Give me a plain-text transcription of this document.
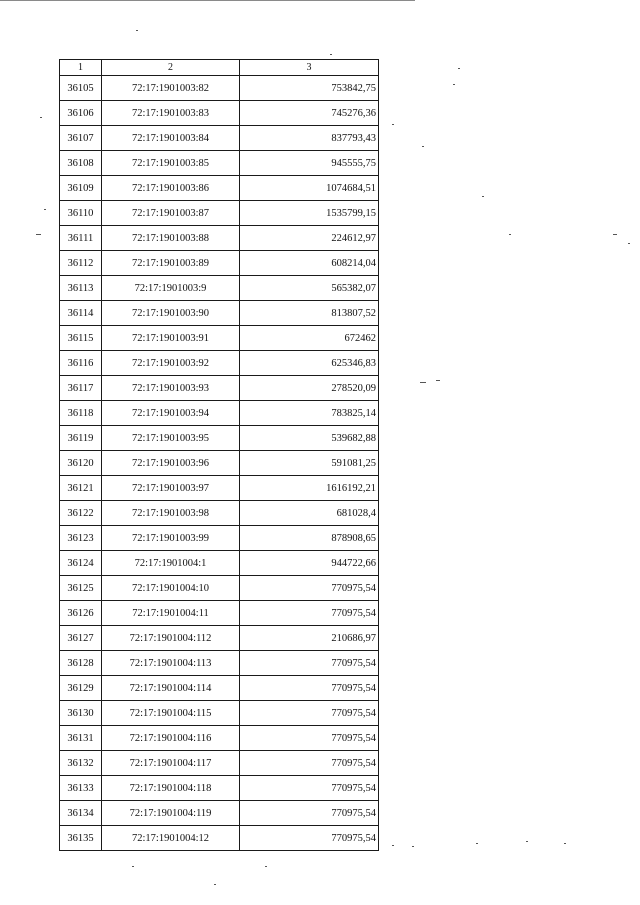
1	2	3
36105	72:17:1901003:82	753842,75
36106	72:17:1901003:83	745276,36
36107	72:17:1901003:84	837793,43
36108	72:17:1901003:85	945555,75
36109	72:17:1901003:86	1074684,51
36110	72:17:1901003:87	1535799,15
36111	72:17:1901003:88	224612,97
36112	72:17:1901003:89	608214,04
36113	72:17:1901003:9	565382,07
36114	72:17:1901003:90	813807,52
36115	72:17:1901003:91	672462
36116	72:17:1901003:92	625346,83
36117	72:17:1901003:93	278520,09
36118	72:17:1901003:94	783825,14
36119	72:17:1901003:95	539682,88
36120	72:17:1901003:96	591081,25
36121	72:17:1901003:97	1616192,21
36122	72:17:1901003:98	681028,4
36123	72:17:1901003:99	878908,65
36124	72:17:1901004:1	944722,66
36125	72:17:1901004:10	770975,54
36126	72:17:1901004:11	770975,54
36127	72:17:1901004:112	210686,97
36128	72:17:1901004:113	770975,54
36129	72:17:1901004:114	770975,54
36130	72:17:1901004:115	770975,54
36131	72:17:1901004:116	770975,54
36132	72:17:1901004:117	770975,54
36133	72:17:1901004:118	770975,54
36134	72:17:1901004:119	770975,54
36135	72:17:1901004:12	770975,54
